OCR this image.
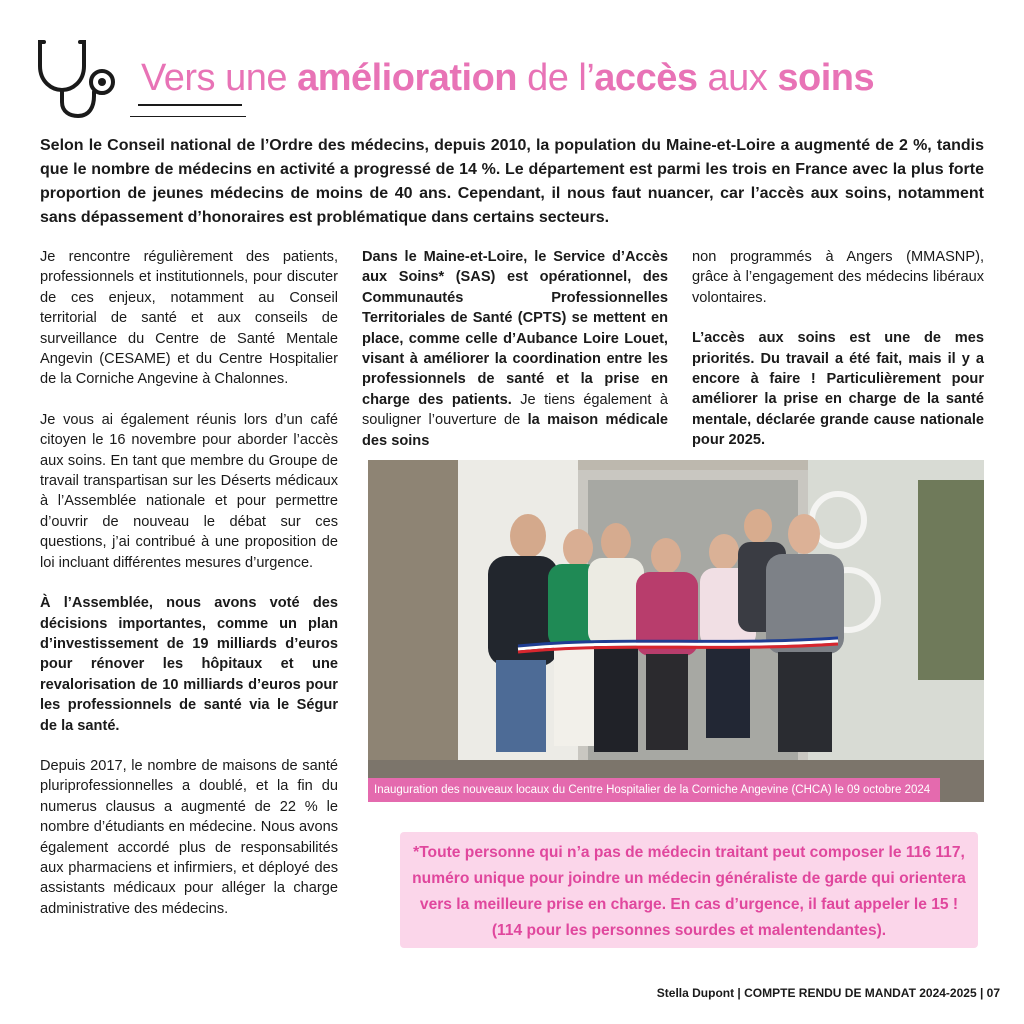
Vers une amélioration de l’accès aux soins
Selon le Conseil national de l’Ordre des médecins, depuis 2010, la population du Maine-et-Loire a augmenté de 2 %, tandis que le nombre de médecins en activité a progressé de 14 %. Le département est parmi les trois en France avec la plus forte proportion de jeunes médecins de moins de 40 ans. Cependant, il nous faut nuancer, car l’accès aux soins, notamment sans dépassement d’honoraires est problématique dans certains secteurs.

Je rencontre régulièrement des patients, professionnels et institutionnels, pour discuter de ces enjeux, notamment au Conseil territorial de santé et aux conseils de surveillance du Centre de Santé Mentale Angevin (CESAME) et du Centre Hospitalier de la Corniche Angevine à Chalonnes.

Je vous ai également réunis lors d’un café citoyen le 16 novembre pour aborder l’accès aux soins. En tant que membre du Groupe de travail transpartisan sur les Déserts médicaux à l’Assemblée nationale et pour permettre d’ouvrir de nouveau le débat sur ces questions, j’ai contribué à une proposition de loi incluant différentes mesures d’urgence.

À l’Assemblée, nous avons voté des décisions importantes, comme un plan d’investissement de 19 milliards d’euros pour rénover les hôpitaux et une revalorisation de 10 milliards d’euros pour les professionnels de santé via le Ségur de la santé.

Depuis 2017, le nombre de maisons de santé pluriprofessionnelles a doublé, et la fin du numerus clausus a augmenté de 22 % le nombre d’étudiants en médecine. Nous avons également accordé plus de responsabilités aux pharmaciens et infirmiers, et déployé des assistants médicaux pour alléger la charge administrative des médecins.

Dans le Maine-et-Loire, le Service d’Accès aux Soins* (SAS) est opérationnel, des Communautés Professionnelles Territoriales de Santé (CPTS) se mettent en place, comme celle d’Aubance Loire Louet, visant à améliorer la coordination entre les professionnels de santé et la prise en charge des patients. Je tiens également à souligner l’ouverture de la maison médicale des soins

non programmés à Angers (MMASNP), grâce à l’engagement des médecins libéraux volontaires.

L’accès aux soins est une de mes priorités. Du travail a été fait, mais il y a encore à faire ! Particulièrement pour améliorer la prise en charge de la santé mentale, déclarée grande cause nationale pour 2025.

Inauguration des nouveaux locaux du Centre Hospitalier de la Corniche Angevine (CHCA) le 09 octobre 2024
*Toute personne qui n’a pas de médecin traitant peut composer le 116 117, numéro unique pour joindre un médecin généraliste de garde qui orientera vers la meilleure prise en charge. En cas d’urgence, il faut appeler le 15 ! (114 pour les personnes sourdes et malentendantes).
Stella Dupont | COMPTE RENDU DE MANDAT 2024-2025 | 07
